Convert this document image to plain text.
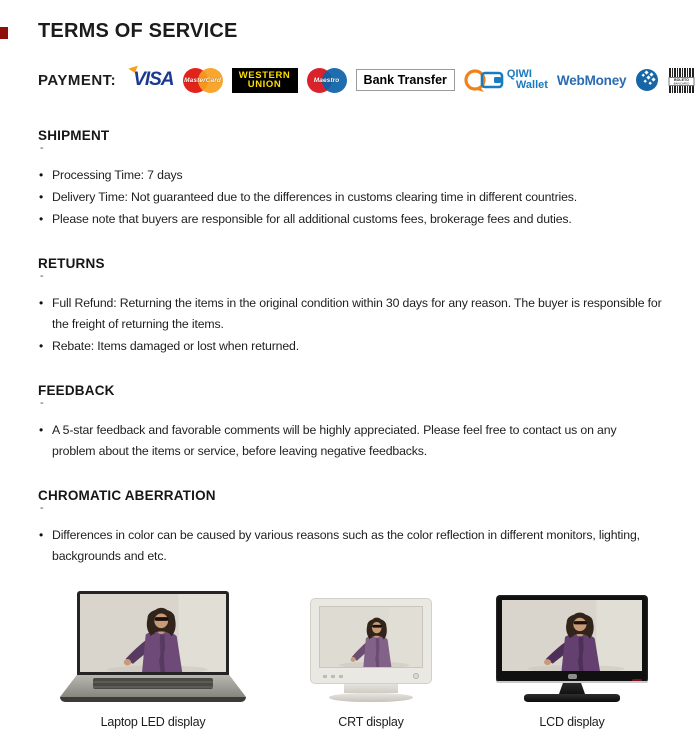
TERMS OF SERVICE
PAYMENT: VISA MasterCard WESTERN
UNION	Maestro	Bank Transfer	QIWI
Wallet WebMoney	BOLETO
BANCARIO
SHIPMENT
-
• Processing Time: 7 days
• Delivery Time: Not guaranteed due to the differences in customs clearing time in different countries.
• Please note that buyers are responsible for all additional customs fees, brokerage fees and duties.
RETURNS
-
• Full Refund: Returning the items in the original condition within 30 days for any reason. The buyer is responsible for the freight of returning the items.
• Rebate: Items damaged or lost when returned.
FEEDBACK
-
• A 5-star feedback and favorable comments will be highly appreciated. Please feel free to contact us on any problem about the items or service, before leaving negative feedbacks.
CHROMATIC ABERRATION
-
• Differences in color can be caused by various reasons such as the color reflection in different monitors, lighting, backgrounds and etc.
Laptop LED display	CRT display	LCD display
